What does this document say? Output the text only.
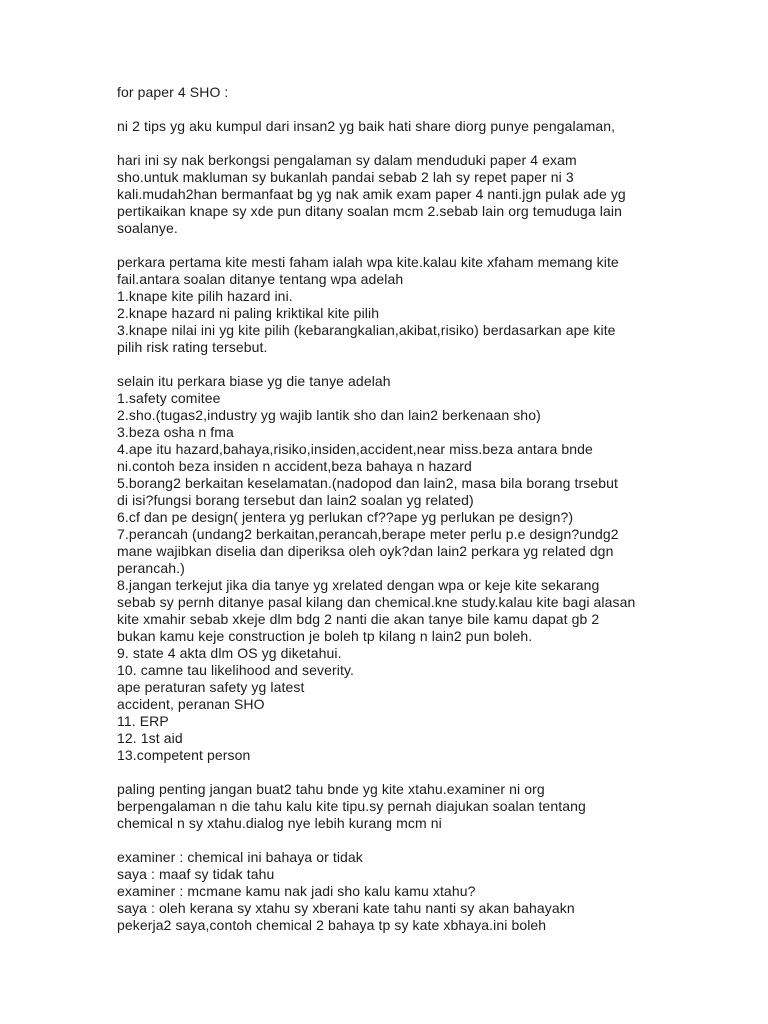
for paper 4 SHO :
ni 2 tips yg aku kumpul dari insan2 yg baik hati share diorg punye pengalaman,
hari ini sy nak berkongsi pengalaman sy dalam menduduki paper 4 exam
sho.untuk makluman sy bukanlah pandai sebab 2 lah sy repet paper ni 3
kali.mudah2han bermanfaat bg yg nak amik exam paper 4 nanti.jgn pulak ade yg
pertikaikan knape sy xde pun ditany soalan mcm 2.sebab lain org temuduga lain
soalanye.
perkara pertama kite mesti faham ialah wpa kite.kalau kite xfaham memang kite
fail.antara soalan ditanye tentang wpa adelah
1.knape kite pilih hazard ini.
2.knape hazard ni paling kriktikal kite pilih
3.knape nilai ini yg kite pilih (kebarangkalian,akibat,risiko) berdasarkan ape kite
pilih risk rating tersebut.
selain itu perkara biase yg die tanye adelah
1.safety comitee
2.sho.(tugas2,industry yg wajib lantik sho dan lain2 berkenaan sho)
3.beza osha n fma
4.ape itu hazard,bahaya,risiko,insiden,accident,near miss.beza antara bnde
ni.contoh beza insiden n accident,beza bahaya n hazard
5.borang2 berkaitan keselamatan.(nadopod dan lain2, masa bila borang trsebut
di isi?fungsi borang tersebut dan lain2 soalan yg related)
6.cf dan pe design( jentera yg perlukan cf??ape yg perlukan pe design?)
7.perancah (undang2 berkaitan,perancah,berape meter perlu p.e design?undg2
mane wajibkan diselia dan diperiksa oleh oyk?dan lain2 perkara yg related dgn
perancah.)
8.jangan terkejut jika dia tanye yg xrelated dengan wpa or keje kite sekarang
sebab sy pernh ditanye pasal kilang dan chemical.kne study.kalau kite bagi alasan
kite xmahir sebab xkeje dlm bdg 2 nanti die akan tanye bile kamu dapat gb 2
bukan kamu keje construction je boleh tp kilang n lain2 pun boleh.
9. state 4 akta dlm OS yg diketahui.
10. camne tau likelihood and severity.
ape peraturan safety yg latest
accident, peranan SHO
11. ERP
12. 1st aid
13.competent person
paling penting jangan buat2 tahu bnde yg kite xtahu.examiner ni org
berpengalaman n die tahu kalu kite tipu.sy pernah diajukan soalan tentang
chemical n sy xtahu.dialog nye lebih kurang mcm ni
examiner : chemical ini bahaya or tidak
saya : maaf sy tidak tahu
examiner : mcmane kamu nak jadi sho kalu kamu xtahu?
saya : oleh kerana sy xtahu sy xberani kate tahu nanti sy akan bahayakn
pekerja2 saya,contoh chemical 2 bahaya tp sy kate xbhaya.ini boleh
